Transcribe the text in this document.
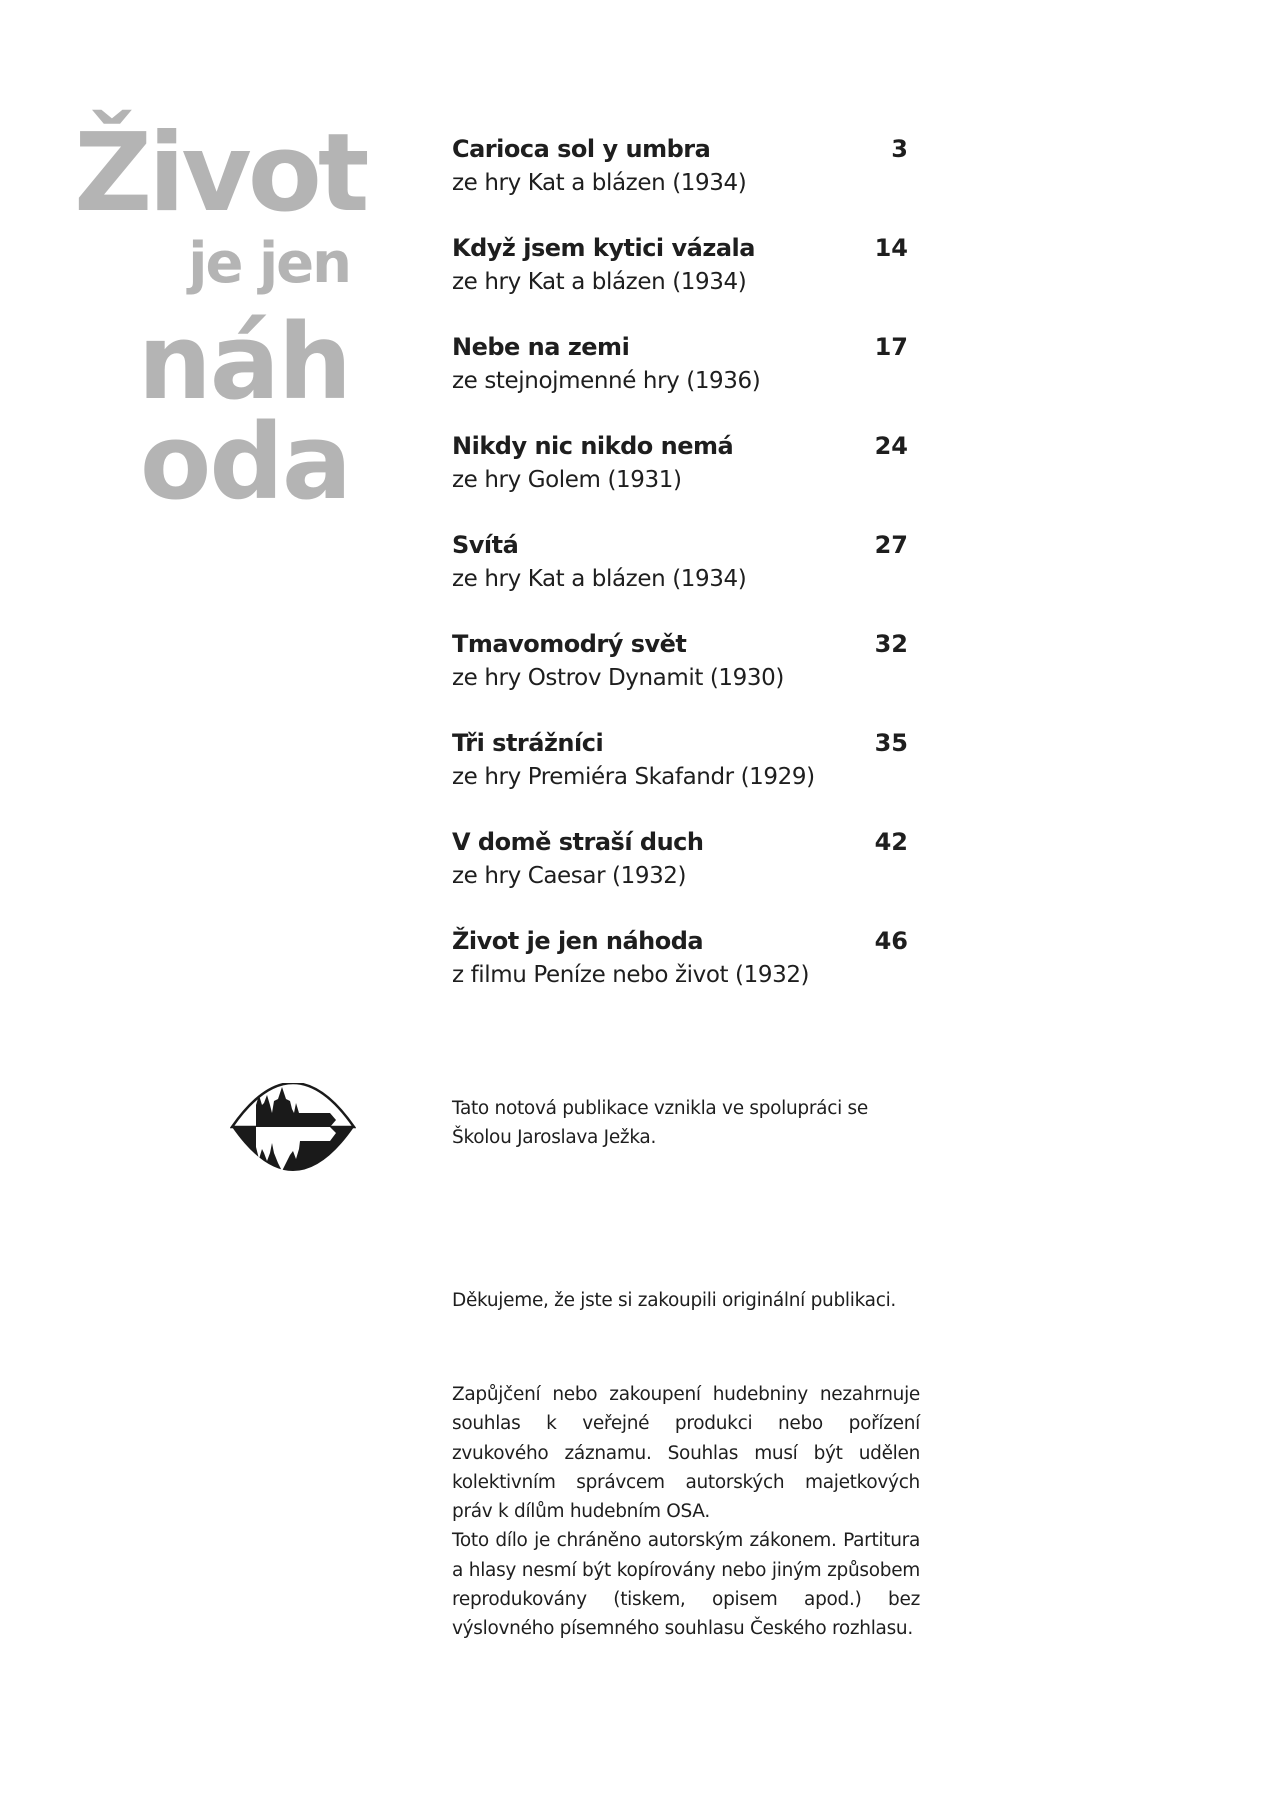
Život
je jen
náh
oda
Carioca sol y umbra	3
ze hry Kat a blázen (1934)
Když jsem kytici vázala	14
ze hry Kat a blázen (1934)
Nebe na zemi	17
ze stejnojmenné hry (1936)
Nikdy nic nikdo nemá	24
ze hry Golem (1931)
Svítá	27
ze hry Kat a blázen (1934)
Tmavomodrý svět	32
ze hry Ostrov Dynamit (1930)
Tři strážníci	35
ze hry Premiéra Skafandr (1929)
V domě straší duch	42
ze hry Caesar (1932)
Život je jen náhoda	46
z filmu Peníze nebo život (1932)
Tato notová publikace vznikla ve spolupráci se Školou Jaroslava Ježka.
Děkujeme, že jste si zakoupili originální publikaci.

Zapůjčení nebo zakoupení hudebniny nezahrnuje souhlas k veřejné produkci nebo pořízení zvukového záznamu. Souhlas musí být udělen kolektivním správcem autorských majetkových práv k dílům hudebním OSA.

Toto dílo je chráněno autorským zákonem. Partitura a hlasy nesmí být kopírovány nebo jiným způsobem reprodukovány (tiskem, opisem apod.) bez výslovného písemného souhlasu Českého rozhlasu.
